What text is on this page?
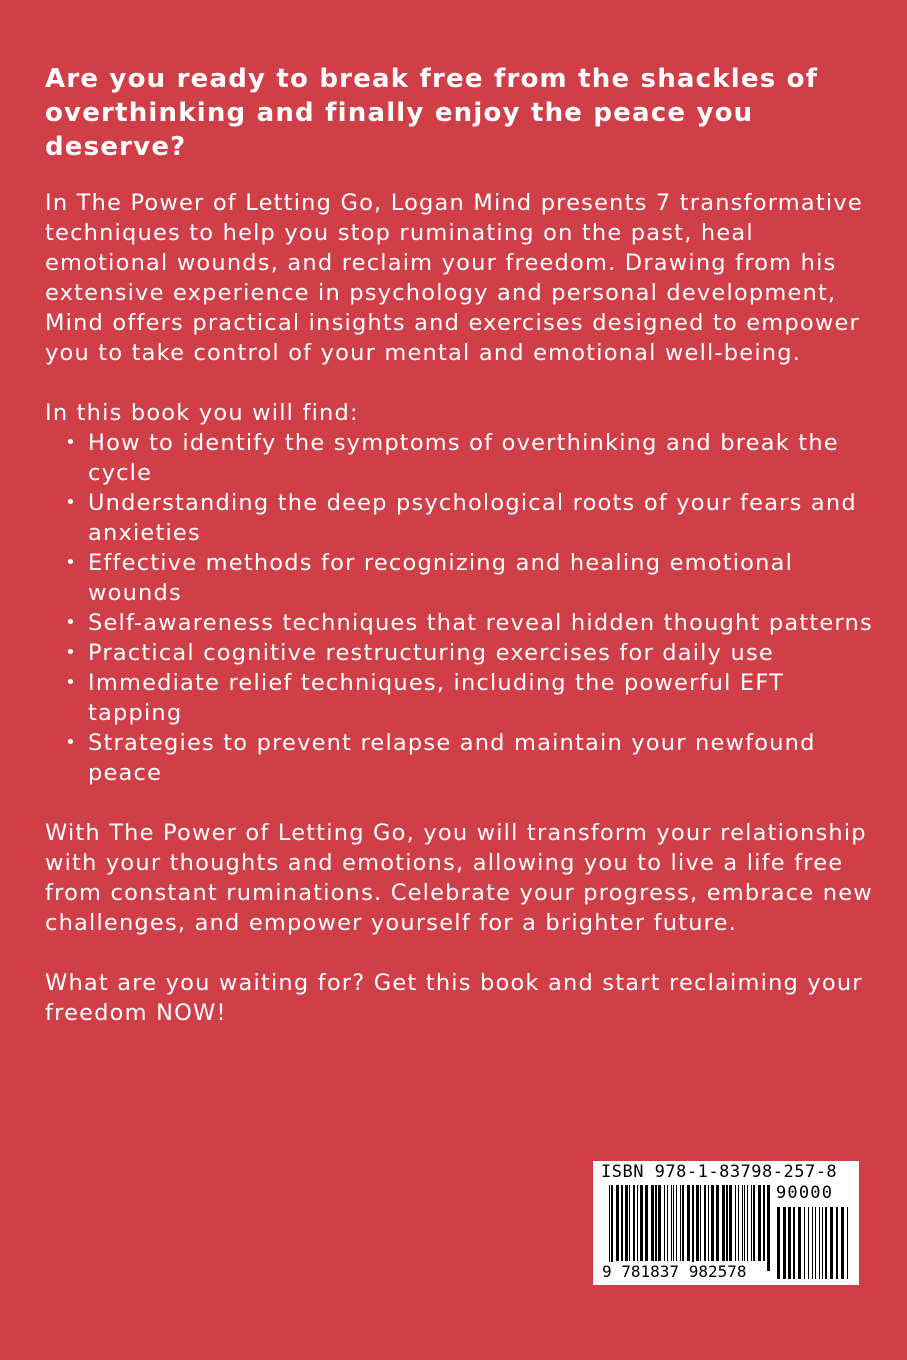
Are you ready to break free from the shackles of overthinking and finally enjoy the peace you deserve?

In The Power of Letting Go, Logan Mind presents 7 transformative techniques to help you stop ruminating on the past, heal emotional wounds, and reclaim your freedom. Drawing from his extensive experience in psychology and personal development, Mind offers practical insights and exercises designed to empower you to take control of your mental and emotional well-being.

In this book you will find:

• How to identify the symptoms of overthinking and break the cycle
• Understanding the deep psychological roots of your fears and anxieties
• Effective methods for recognizing and healing emotional wounds
• Self-awareness techniques that reveal hidden thought patterns
• Practical cognitive restructuring exercises for daily use
• Immediate relief techniques, including the powerful EFT tapping
• Strategies to prevent relapse and maintain your newfound peace

With The Power of Letting Go, you will transform your relationship with your thoughts and emotions, allowing you to live a life free from constant ruminations. Celebrate your progress, embrace new challenges, and empower yourself for a brighter future.

What are you waiting for? Get this book and start reclaiming your freedom NOW!

ISBN 978-1-83798-257-8
90000
9 781837 982578
